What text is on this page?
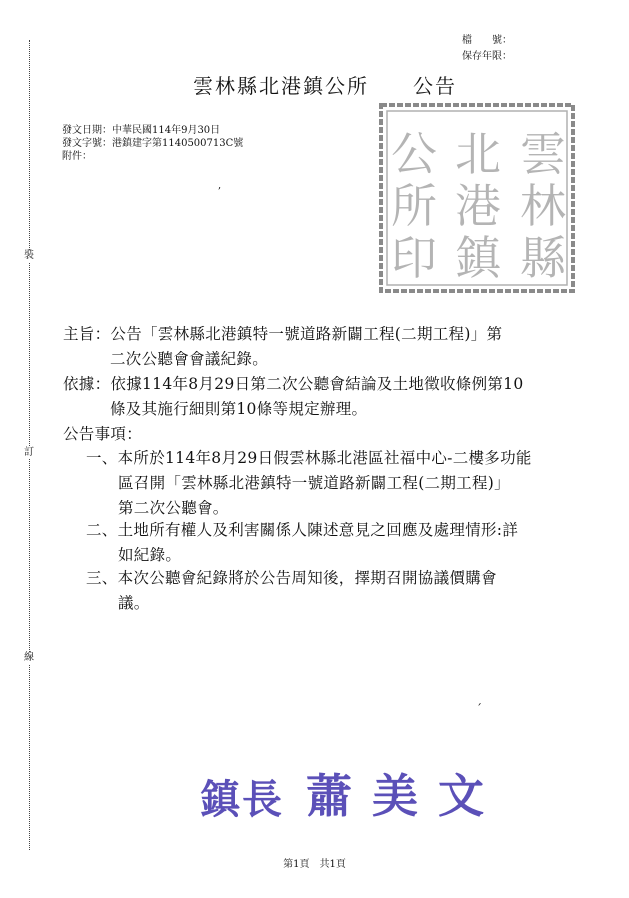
檔　　號：
保存年限：
雲林縣北港鎮公所　　公告
發文日期：中華民國114年9月30日
發文字號：港鎮建字第1140500713C號
附件：	雲
林
縣
北
港
鎮
公
所
印
,
裝
訂
線
主旨：公告「雲林縣北港鎮特一號道路新闢工程(二期工程)」第
二次公聽會會議紀錄。
依據：依據114年8月29日第二次公聽會結論及土地徵收條例第10
條及其施行細則第10條等規定辦理。
公告事項：
一、本所於114年8月29日假雲林縣北港區社福中心-二樓多功能
區召開「雲林縣北港鎮特一號道路新闢工程(二期工程)」
第二次公聽會。
二、土地所有權人及利害關係人陳述意見之回應及處理情形:詳
如紀錄。
三、本次公聽會紀錄將於公告周知後，擇期召開協議價購會
議。
ˊ
鎮長 蕭美文
第1頁　共1頁
